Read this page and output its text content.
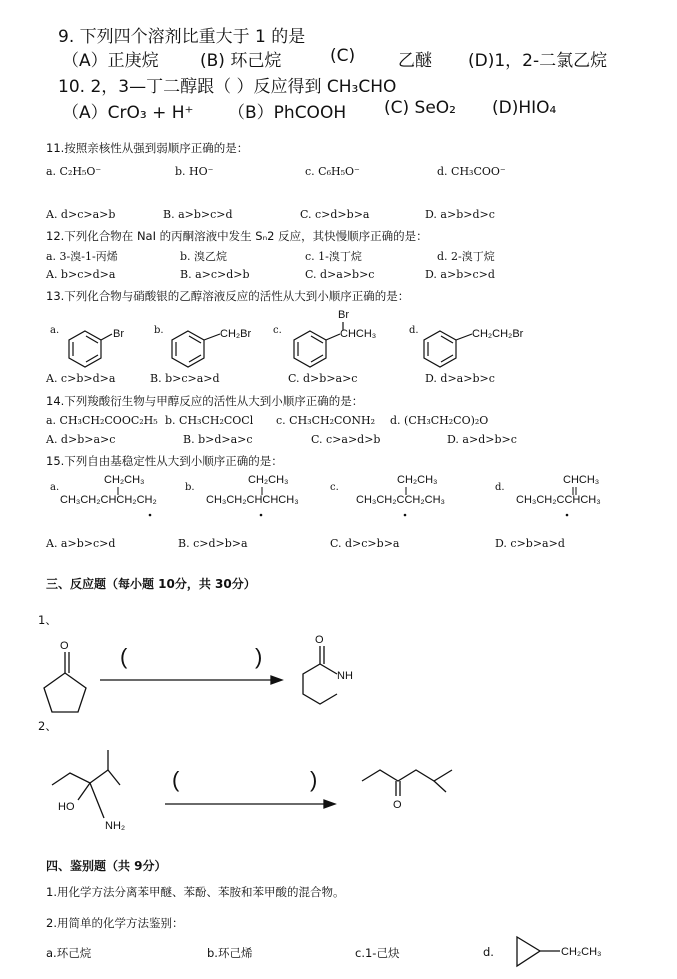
9. 下列四个溶剂比重大于 1 的是
（A）正庚烷 (B) 环己烷	(C)	乙醚 (D)1，2-二氯乙烷
10. 2，3—丁二醇跟（ ）反应得到 CH₃CHO
（A）CrO₃ + H⁺ （B）PhCOOH (C) SeO₂ (D)HIO₄
11.按照亲核性从强到弱顺序正确的是：
a. C₂H₅O⁻	b. HO⁻	c. C₆H₅O⁻	d. CH₃COO⁻
A. d>c>a>b	B. a>b>c>d	C. c>d>b>a	D. a>b>d>c
12.下列化合物在 NaI 的丙酮溶液中发生 Sₙ2 反应，其快慢顺序正确的是：
a. 3-溴-1-丙烯	b. 溴乙烷	c. 1-溴丁烷	d. 2-溴丁烷
A. b>c>d>a	B. a>c>d>b	C. d>a>b>c	D. a>b>c>d
13.下列化合物与硝酸银的乙醇溶液反应的活性从大到小顺序正确的是：
a.	b.	c.	d.
Br	CH₂Br	CHCH₃
Br
CH₂CH₂Br
A. c>b>d>a	B. b>c>a>d	C. d>b>a>c	D. d>a>b>c
14.下列羧酸衍生物与甲醇反应的活性从大到小顺序正确的是：
a. CH₃CH₂COOC₂H₅ b. CH₃CH₂COCl c. CH₃CH₂CONH₂ d. (CH₃CH₂CO)₂O
A. d>b>a>c	B. b>d>a>c	C. c>a>d>b	D. a>d>b>c
15.下列自由基稳定性从大到小顺序正确的是：
a.	b.	c.	d.
CH₂CH₃
CH₃CH₂CHCH₂CH₂
CH₂CH₃
CH₃CH₂CHCHCH₃
CH₂CH₃
CH₃CH₂CCH₂CH₃
CHCH₃
CH₃CH₂CCHCH₃
A. a>b>c>d	B. c>d>b>a	C. d>c>b>a	D. c>b>a>d
三、反应题（每小题 10分，共 30分）
1、
2、
O (	)
O
NH
HO
NH₂
(	)
O
四、鉴别题（共 9分）
1.用化学方法分离苯甲醚、苯酚、苯胺和苯甲酸的混合物。
2.用简单的化学方法鉴别：
a.环己烷	b.环己烯	c.1-己炔	d.	CH₂CH₃
